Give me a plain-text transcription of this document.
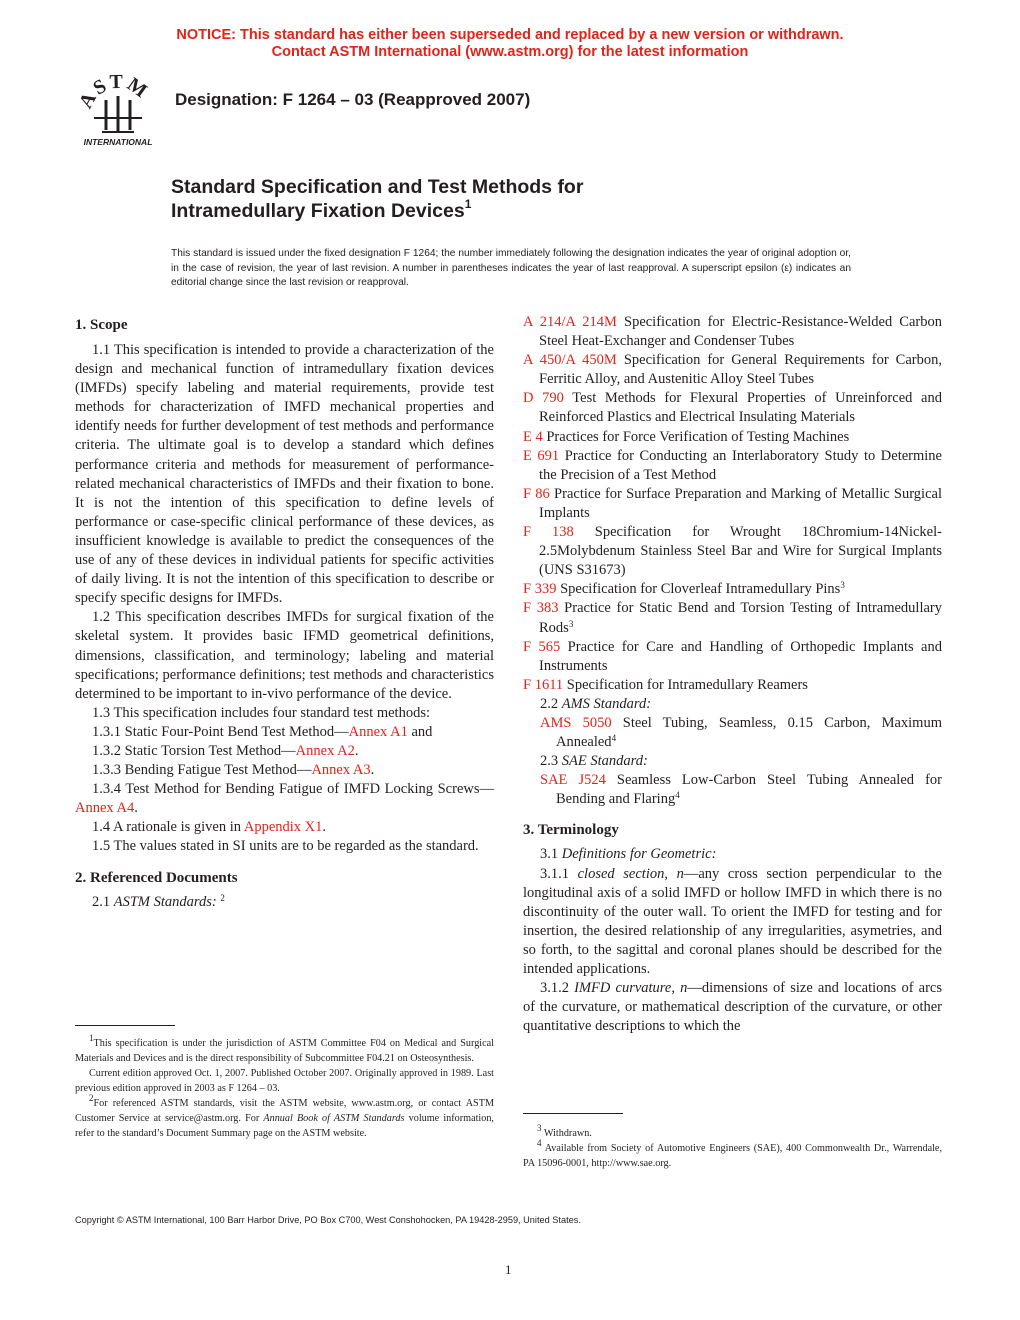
NOTICE: This standard has either been superseded and replaced by a new version or withdrawn.
Contact ASTM International (www.astm.org) for the latest information
ASTM
INTERNATIONAL
Designation: F 1264 – 03 (Reapproved 2007)
Standard Specification and Test Methods for
Intramedullary Fixation Devices$^1$
This standard is issued under the fixed designation F 1264; the number immediately following the designation indicates the year of original adoption or, in the case of revision, the year of last revision. A number in parentheses indicates the year of last reapproval. A superscript epsilon (ε) indicates an editorial change since the last revision or reapproval.
1. Scope

1.1 This specification is intended to provide a characterization of the design and mechanical function of intramedullary fixation devices (IMFDs) specify labeling and material requirements, provide test methods for characterization of IMFD mechanical properties and identify needs for further development of test methods and performance criteria. The ultimate goal is to develop a standard which defines performance criteria and methods for measurement of performance-related mechanical characteristics of IMFDs and their fixation to bone. It is not the intention of this specification to define levels of performance or case-specific clinical performance of these devices, as insufficient knowledge is available to predict the consequences of the use of any of these devices in individual patients for specific activities of daily living. It is not the intention of this specification to describe or specify specific designs for IMFDs.

1.2 This specification describes IMFDs for surgical fixation of the skeletal system. It provides basic IFMD geometrical definitions, dimensions, classification, and terminology; labeling and material specifications; performance definitions; test methods and characteristics determined to be important to in-vivo performance of the device.

1.3 This specification includes four standard test methods:

1.3.1 Static Four-Point Bend Test Method—Annex A1 and

1.3.2 Static Torsion Test Method—Annex A2.

1.3.3 Bending Fatigue Test Method—Annex A3.

1.3.4 Test Method for Bending Fatigue of IMFD Locking Screws—Annex A4.

1.4 A rationale is given in Appendix X1.

1.5 The values stated in SI units are to be regarded as the standard.

2. Referenced Documents

2.1 ASTM Standards: $^2$

$^1$This specification is under the jurisdiction of ASTM Committee F04 on Medical and Surgical Materials and Devices and is the direct responsibility of Subcommittee F04.21 on Osteosynthesis.

Current edition approved Oct. 1, 2007. Published October 2007. Originally approved in 1989. Last previous edition approved in 2003 as F 1264 – 03.

$^2$For referenced ASTM standards, visit the ASTM website, www.astm.org, or contact ASTM Customer Service at service@astm.org. For Annual Book of ASTM Standards volume information, refer to the standard’s Document Summary page on the ASTM website.

A 214/A 214M Specification for Electric-Resistance-Welded Carbon Steel Heat-Exchanger and Condenser Tubes

A 450/A 450M Specification for General Requirements for Carbon, Ferritic Alloy, and Austenitic Alloy Steel Tubes

D 790 Test Methods for Flexural Properties of Unreinforced and Reinforced Plastics and Electrical Insulating Materials

E 4 Practices for Force Verification of Testing Machines

E 691 Practice for Conducting an Interlaboratory Study to Determine the Precision of a Test Method

F 86 Practice for Surface Preparation and Marking of Metallic Surgical Implants

F 138 Specification for Wrought 18Chromium-14Nickel-2.5Molybdenum Stainless Steel Bar and Wire for Surgical Implants (UNS S31673)

F 339 Specification for Cloverleaf Intramedullary Pins$^3$

F 383 Practice for Static Bend and Torsion Testing of Intramedullary Rods$^3$

F 565 Practice for Care and Handling of Orthopedic Implants and Instruments

F 1611 Specification for Intramedullary Reamers

2.2 AMS Standard:

AMS 5050 Steel Tubing, Seamless, 0.15 Carbon, Maximum Annealed$^4$

2.3 SAE Standard:

SAE J524 Seamless Low-Carbon Steel Tubing Annealed for Bending and Flaring$^4$

3. Terminology

3.1 Definitions for Geometric:

3.1.1 closed section, n—any cross section perpendicular to the longitudinal axis of a solid IMFD or hollow IMFD in which there is no discontinuity of the outer wall. To orient the IMFD for testing and for insertion, the desired relationship of any irregularities, asymetries, and so forth, to the sagittal and coronal planes should be described for the intended applications.

3.1.2 IMFD curvature, n—dimensions of size and locations of arcs of the curvature, or mathematical description of the curvature, or other quantitative descriptions to which the

$^3$ Withdrawn.

$^4$ Available from Society of Automotive Engineers (SAE), 400 Commonwealth Dr., Warrendale, PA 15096-0001, http://www.sae.org.

Copyright © ASTM International, 100 Barr Harbor Drive, PO Box C700, West Conshohocken, PA 19428-2959, United States.
1
